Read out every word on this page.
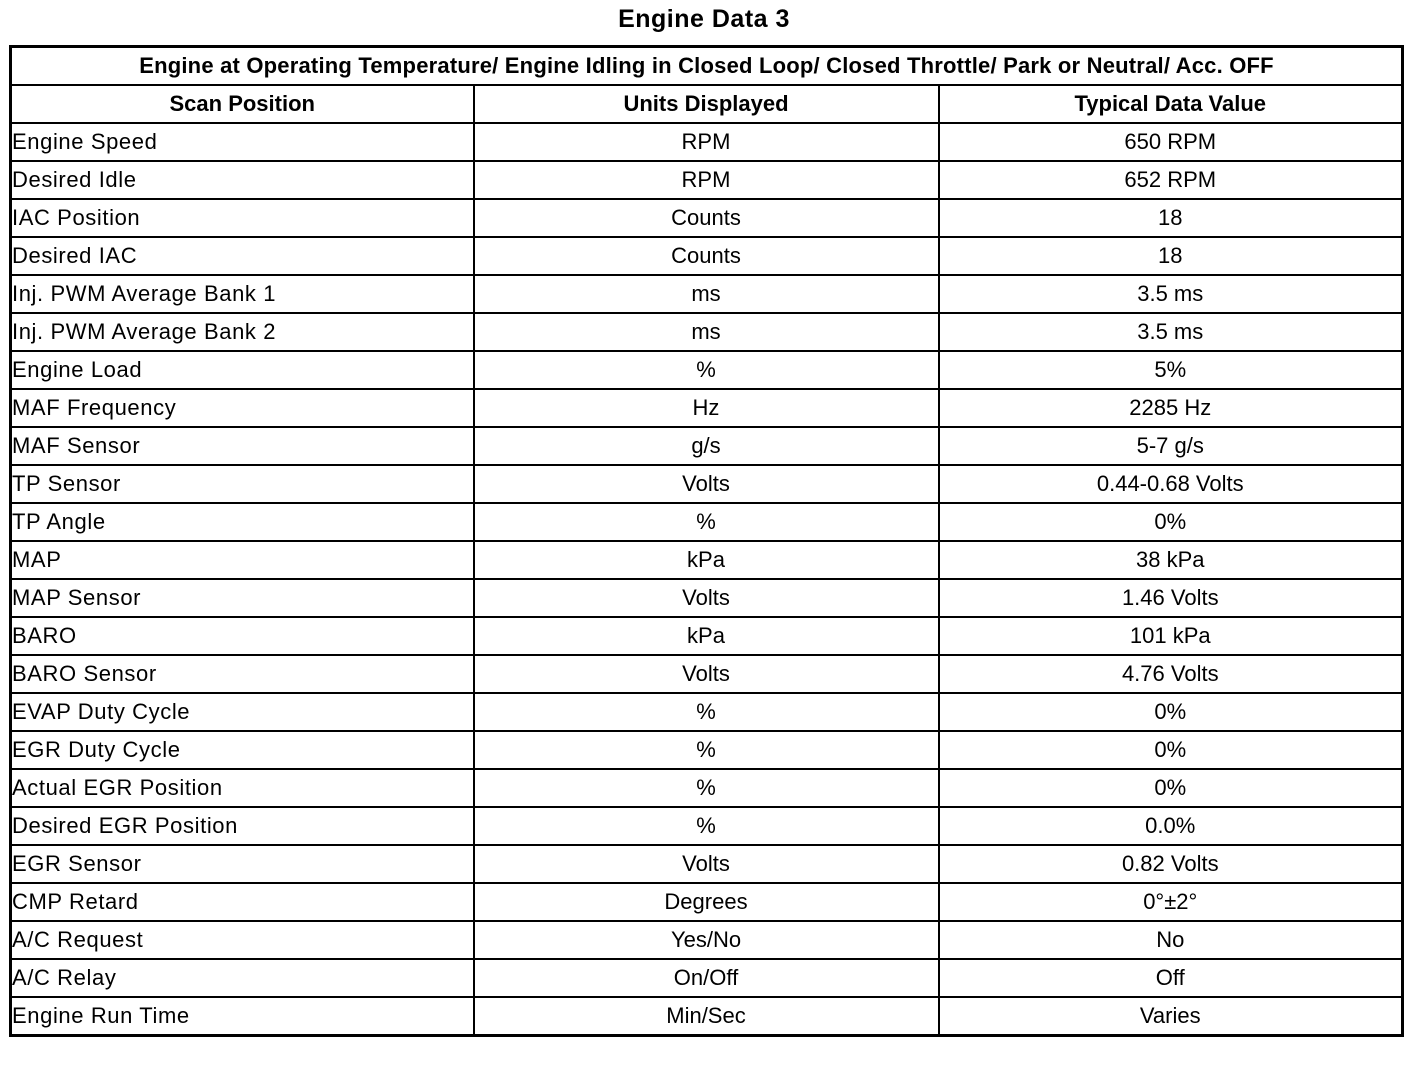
Engine Data 3
Engine at Operating Temperature/ Engine Idling in Closed Loop/ Closed Throttle/ Park or Neutral/ Acc. OFF		
Scan Position	Units Displayed	Typical Data Value
Engine Speed	RPM	650 RPM
Desired Idle	RPM	652 RPM
IAC Position	Counts	18
Desired IAC	Counts	18
Inj. PWM Average Bank 1	ms	3.5 ms
Inj. PWM Average Bank 2	ms	3.5 ms
Engine Load	%	5%
MAF Frequency	Hz	2285 Hz
MAF Sensor	g/s	5-7 g/s
TP Sensor	Volts	0.44-0.68 Volts
TP Angle	%	0%
MAP	kPa	38 kPa
MAP Sensor	Volts	1.46 Volts
BARO	kPa	101 kPa
BARO Sensor	Volts	4.76 Volts
EVAP Duty Cycle	%	0%
EGR Duty Cycle	%	0%
Actual EGR Position	%	0%
Desired EGR Position	%	0.0%
EGR Sensor	Volts	0.82 Volts
CMP Retard	Degrees	0°±2°
A/C Request	Yes/No	No
A/C Relay	On/Off	Off
Engine Run Time	Min/Sec	Varies
